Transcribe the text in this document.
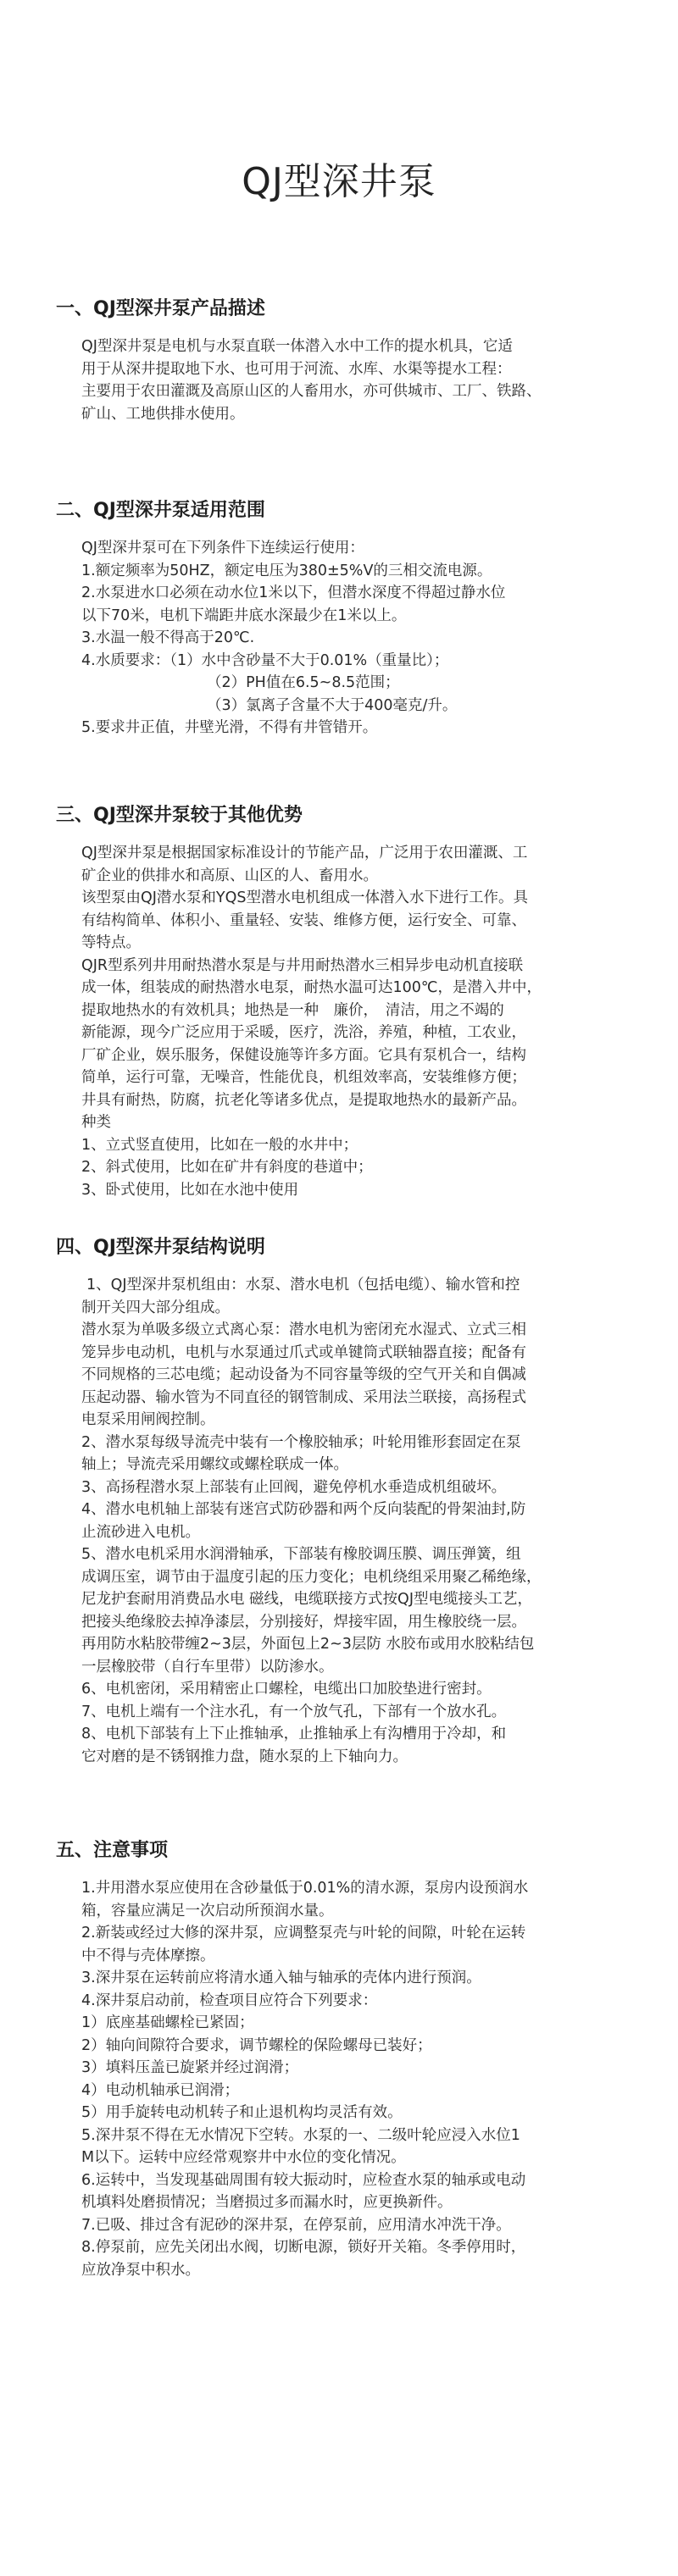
QJ型深井泵
一、QJ型深井泵产品描述

QJ型深井泵是电机与水泵直联一体潜入水中工作的提水机具，它适

用于从深井提取地下水、也可用于河流、水库、水渠等提水工程：

主要用于农田灌溉及高原山区的人畜用水，亦可供城市、工厂、铁路、

矿山、工地供排水使用。

二、QJ型深井泵适用范围

QJ型深井泵可在下列条件下连续运行使用：

1.额定频率为50HZ，额定电压为380±5%V的三相交流电源。

2.水泵进水口必须在动水位1米以下，但潜水深度不得超过静水位

以下70米，电机下端距井底水深最少在1米以上。

3.水温一般不得高于20℃.

4.水质要求：（1）水中含砂量不大于0.01%（重量比）；

（2）PH值在6.5~8.5范围；

（3）氯离子含量不大于400毫克/升。

5.要求井正值，井壁光滑，不得有井管错开。

三、QJ型深井泵较于其他优势

QJ型深井泵是根据国家标准设计的节能产品，广泛用于农田灌溉、工

矿企业的供排水和高原、山区的人、畜用水。

该型泵由QJ潜水泵和YQS型潜水电机组成一体潜入水下进行工作。具

有结构简单、体积小、重量轻、安装、维修方便，运行安全、可靠、

等特点。

QJR型系列井用耐热潜水泵是与井用耐热潜水三相异步电动机直接联

成一体，组装成的耐热潜水电泵，耐热水温可达100℃，是潜入井中，

提取地热水的有效机具；地热是一种　廉价，　清洁，用之不竭的

新能源，现今广泛应用于采暖，医疗，洗浴，养殖，种植，工农业，

厂矿企业，娱乐服务，保健设施等许多方面。它具有泵机合一，结构

简单，运行可靠，无噪音，性能优良，机组效率高，安装维修方便；

井具有耐热，防腐，抗老化等诸多优点，是提取地热水的最新产品。

种类

1、立式竖直使用，比如在一般的水井中；

2、斜式使用，比如在矿井有斜度的巷道中；

3、卧式使用，比如在水池中使用

四、QJ型深井泵结构说明

1、QJ型深井泵机组由：水泵、潜水电机（包括电缆）、输水管和控

制开关四大部分组成。

潜水泵为单吸多级立式离心泵：潜水电机为密闭充水湿式、立式三相

笼异步电动机，电机与水泵通过爪式或单键筒式联轴器直接；配备有

不同规格的三芯电缆；起动设备为不同容量等级的空气开关和自偶减

压起动器、输水管为不同直径的钢管制成、采用法兰联接，高扬程式

电泵采用闸阀控制。

2、潜水泵每级导流壳中装有一个橡胶轴承；叶轮用锥形套固定在泵

轴上；导流壳采用螺纹或螺栓联成一体。

3、高扬程潜水泵上部装有止回阀，避免停机水垂造成机组破坏。

4、潜水电机轴上部装有迷宫式防砂器和两个反向装配的骨架油封,防

止流砂进入电机。

5、潜水电机采用水润滑轴承，下部装有橡胶调压膜、调压弹簧，组

成调压室，调节由于温度引起的压力变化；电机绕组采用聚乙稀绝缘，

尼龙护套耐用消费品水电 磁线，电缆联接方式按QJ型电缆接头工艺，

把接头绝缘胶去掉净漆层，分别接好，焊接牢固，用生橡胶绕一层。

再用防水粘胶带缠2~3层，外面包上2~3层防 水胶布或用水胶粘结包

一层橡胶带（自行车里带）以防渗水。

6、电机密闭，采用精密止口螺栓，电缆出口加胶垫进行密封。

7、电机上端有一个注水孔，有一个放气孔，下部有一个放水孔。

8、电机下部装有上下止推轴承，止推轴承上有沟槽用于冷却，和

它对磨的是不锈钢推力盘，随水泵的上下轴向力。

五、注意事项

1.井用潜水泵应使用在含砂量低于0.01%的清水源，泵房内设预润水

箱，容量应满足一次启动所预润水量。

2.新装或经过大修的深井泵，应调整泵壳与叶轮的间隙，叶轮在运转

中不得与壳体摩擦。

3.深井泵在运转前应将清水通入轴与轴承的壳体内进行预润。

4.深井泵启动前，检查项目应符合下列要求：

1）底座基础螺栓已紧固；

2）轴向间隙符合要求，调节螺栓的保险螺母已装好；

3）填料压盖已旋紧并经过润滑；

4）电动机轴承已润滑；

5）用手旋转电动机转子和止退机构均灵活有效。

5.深井泵不得在无水情况下空转。水泵的一、二级叶轮应浸入水位1

M以下。运转中应经常观察井中水位的变化情况。

6.运转中，当发现基础周围有较大振动时，应检查水泵的轴承或电动

机填料处磨损情况；当磨损过多而漏水时，应更换新件。

7.已吸、排过含有泥砂的深井泵，在停泵前，应用清水冲洗干净。

8.停泵前，应先关闭出水阀，切断电源，锁好开关箱。冬季停用时，

应放净泵中积水。
